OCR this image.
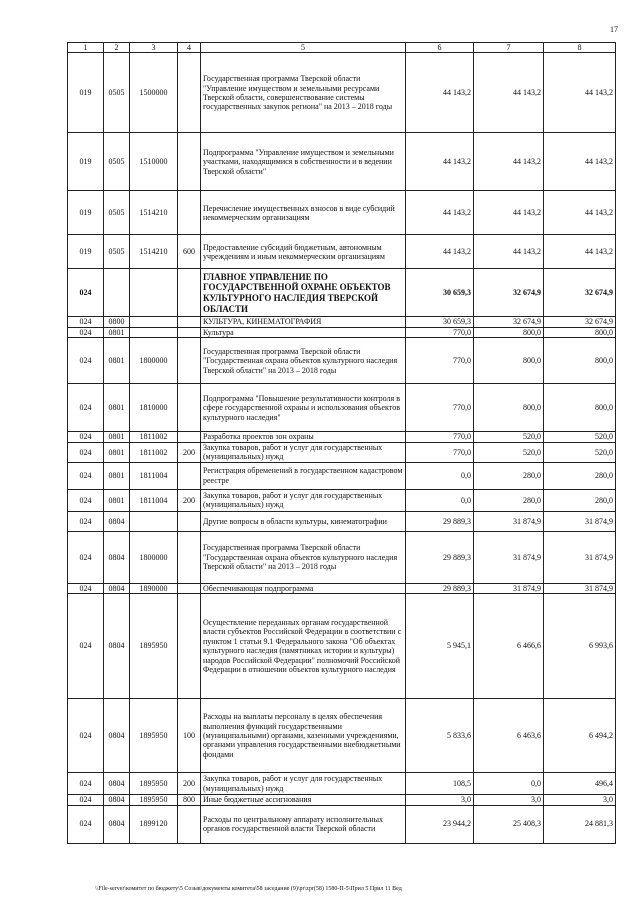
17
1	2	3	4	5	6	7	8
019	0505	1500000		Государственная программа Тверской области "Управление имуществом и земельными ресурсами Тверской области, совершенствование системы государственных закупок региона" на 2013 – 2018 годы	44 143,2	44 143,2	44 143,2
019	0505	1510000		Подпрограмма "Управление имуществом и земельными участками, находящимися в собственности и в ведении Тверской области"	44 143,2	44 143,2	44 143,2
019	0505	1514210		Перечисление имущественных взносов в виде субсидий некоммерческим организациям	44 143,2	44 143,2	44 143,2
019	0505	1514210	600	Предоставление субсидий бюджетным, автономным учреждениям и иным некоммерческим организациям	44 143,2	44 143,2	44 143,2
024				ГЛАВНОЕ УПРАВЛЕНИЕ ПО ГОСУДАРСТВЕННОЙ ОХРАНЕ ОБЪЕКТОВ КУЛЬТУРНОГО НАСЛЕДИЯ ТВЕРСКОЙ ОБЛАСТИ	30 659,3	32 674,9	32 674,9
024	0800			КУЛЬТУРА, КИНЕМАТОГРАФИЯ	30 659,3	32 674,9	32 674,9
024	0801			Культура	770,0	800,0	800,0
024	0801	1800000		Государственная программа Тверской области "Государственная охрана объектов культурного наследия Тверской области" на 2013 – 2018 годы	770,0	800,0	800,0
024	0801	1810000		Подпрограмма "Повышение результативности контроля в сфере государственной охраны и использования объектов культурного наследия"	770,0	800,0	800,0
024	0801	1811002		Разработка проектов зон охраны	770,0	520,0	520,0
024	0801	1811002	200	Закупка товаров, работ и услуг для государственных (муниципальных) нужд	770,0	520,0	520,0
024	0801	1811004		Регистрация обременений в государственном кадастровом реестре	0,0	280,0	280,0
024	0801	1811004	200	Закупка товаров, работ и услуг для государственных (муниципальных) нужд	0,0	280,0	280,0
024	0804			Другие вопросы в области культуры, кинематографии	29 889,3	31 874,9	31 874,9
024	0804	1800000		Государственная программа Тверской области "Государственная охрана объектов культурного наследия Тверской области" на 2013 – 2018 годы	29 889,3	31 874,9	31 874,9
024	0804	1890000		Обеспечивающая подпрограмма	29 889,3	31 874,9	31 874,9
024	0804	1895950		Осуществление переданных органам государственной власти субъектов Российской Федерации в соответствии с пунктом 1 статьи 9.1 Федерального закона "Об объектах культурного наследия (памятниках истории и культуры) народов Российской Федерации" полномочий Российской Федерации в отношении объектов культурного наследия	5 945,1	6 466,6	6 993,6
024	0804	1895950	100	Расходы на выплаты персоналу в целях обеспечения выполнения функций государственными (муниципальными) органами, казенными учреждениями, органами управления государственными внебюджетными фондами	5 833,6	6 463,6	6 494,2
024	0804	1895950	200	Закупка товаров, работ и услуг для государственных (муниципальных) нужд	108,5	0,0	496,4
024	0804	1895950	800	Иные бюджетные ассигнования	3,0	3,0	3,0
024	0804	1899120		Расходы по центральному аппарату исполнительных органов государственной власти Тверской области	23 944,2	25 408,3	24 881,3
\\File-server\комитет по бюджету\5 Созыв\документы комитета\58 заседание (9)\pr\zpr(58) 1580-П-5\Прил 5 Прил 11 Вед
